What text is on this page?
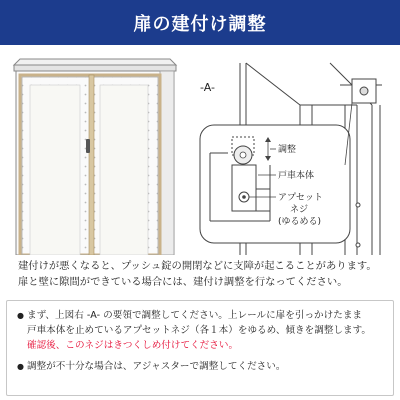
扉の建付け調整
-A-
調整
戸車本体
アプセット
ネジ
(ゆるめる)
建付けが悪くなると、プッシュ錠の開閉などに支障が起こることがあります。
扉と壁に隙間ができている場合には、建付け調整を行なってください。
● まず、上図右 -A- の要領で調整してください。上レールに扉を引っかけたまま
戸車本体を止めているアプセットネジ（各１本）をゆるめ、傾きを調整します。
確認後、このネジはきつくしめ付けてください。
● 調整が不十分な場合は、アジャスターで調整してください。
